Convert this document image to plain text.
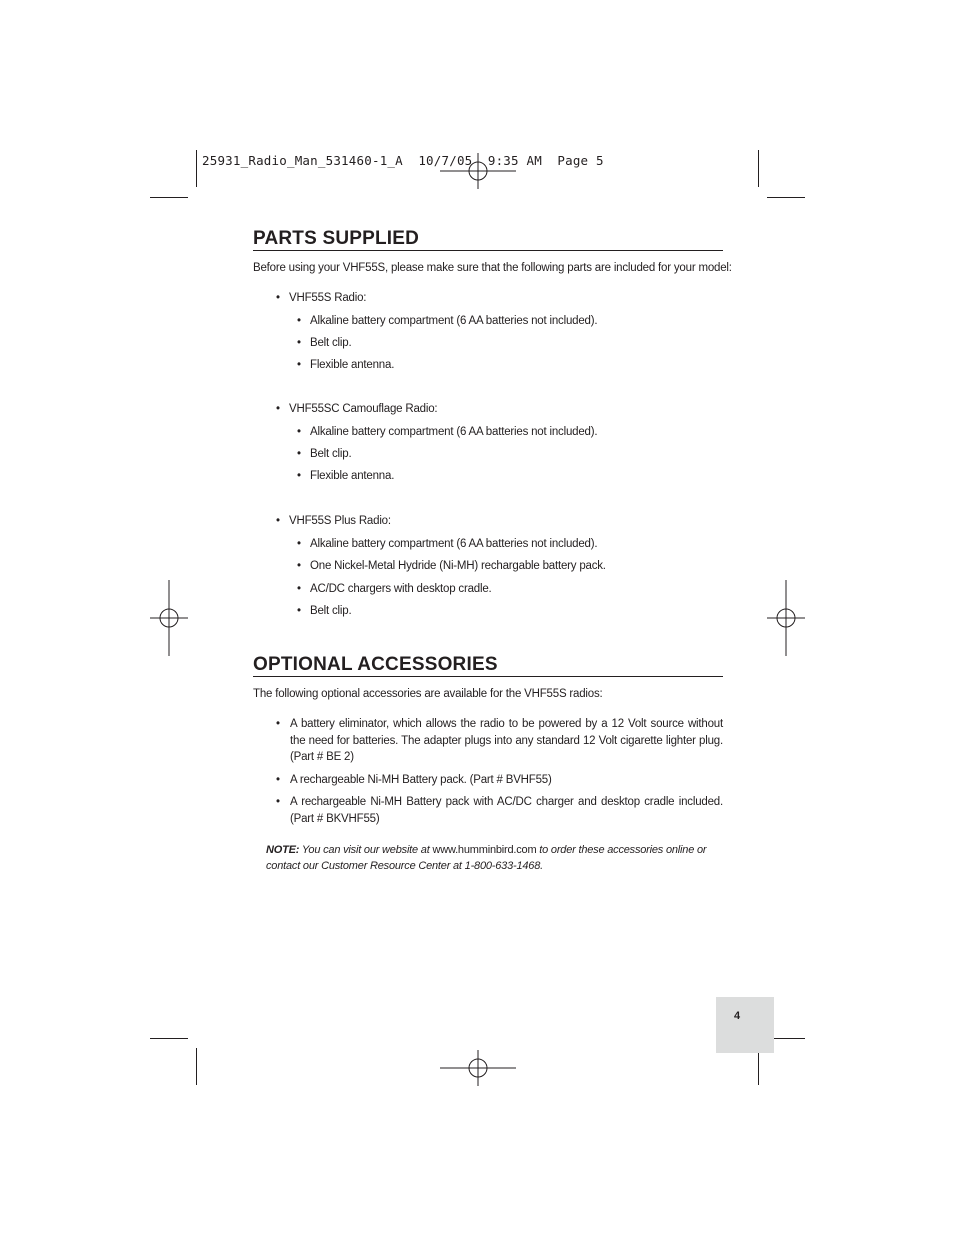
25931_Radio_Man_531460-1_A  10/7/05  9:35 AM  Page 5
PARTS SUPPLIED
Before using your VHF55S, please make sure that the following parts are included for your model:
• VHF55S Radio:
• Alkaline battery compartment (6 AA batteries not included).
• Belt clip.
• Flexible antenna.
• VHF55SC Camouflage Radio:
• Alkaline battery compartment (6 AA batteries not included).
• Belt clip.
• Flexible antenna.
• VHF55S Plus Radio:
• Alkaline battery compartment (6 AA batteries not included).
• One Nickel-Metal Hydride (Ni-MH) rechargable battery pack.
• AC/DC chargers with desktop cradle.
• Belt clip.
OPTIONAL ACCESSORIES
The following optional accessories are available for the VHF55S radios:
• A battery eliminator, which allows the radio to be powered by a 12 Volt source without the need for batteries. The adapter plugs into any standard 12 Volt cigarette lighter plug. (Part # BE 2)
• A rechargeable Ni-MH Battery pack. (Part # BVHF55)
• A rechargeable Ni-MH Battery pack with AC/DC charger and desktop cradle included. (Part # BKVHF55)
NOTE: You can visit our website at www.humminbird.com to order these accessories online or contact our Customer Resource Center at 1-800-633-1468.
4
